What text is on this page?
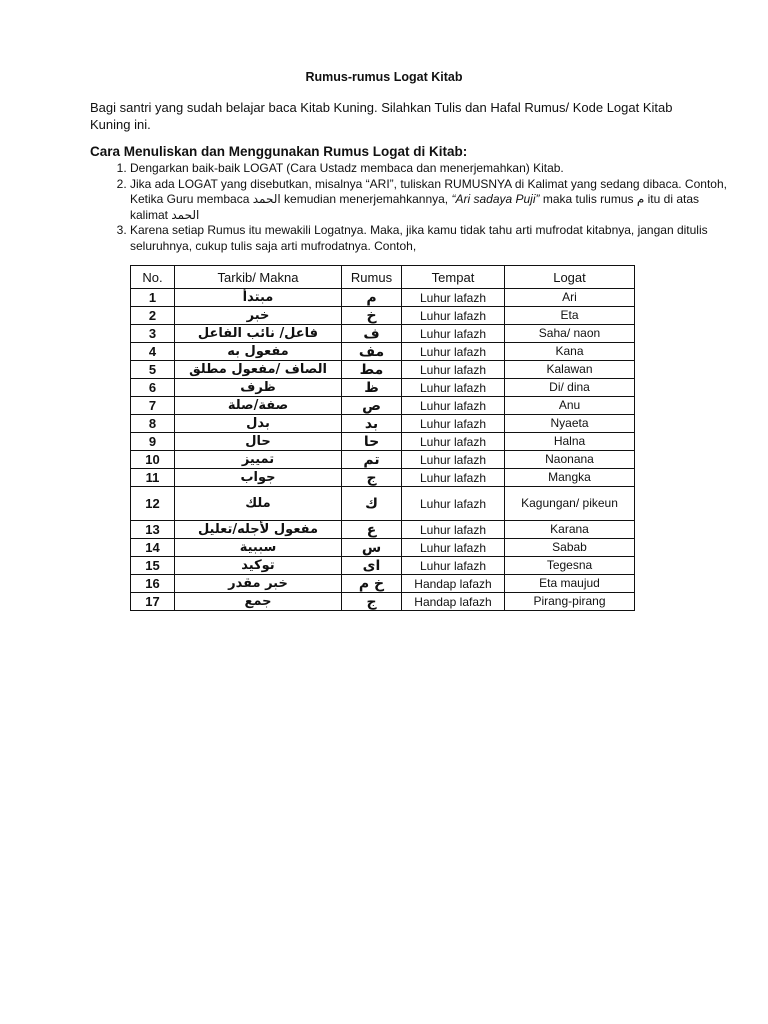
Rumus-rumus Logat Kitab
Bagi santri yang sudah belajar baca Kitab Kuning. Silahkan Tulis dan Hafal Rumus/ Kode Logat Kitab Kuning ini.
Cara Menuliskan dan Menggunakan Rumus Logat di Kitab:
1. Dengarkan baik-baik LOGAT (Cara Ustadz membaca dan menerjemahkan) Kitab.
2. Jika ada LOGAT yang disebutkan, misalnya “ARI”, tuliskan RUMUSNYA di Kalimat yang sedang dibaca. Contoh, Ketika Guru membaca الحمد kemudian menerjemahkannya, “Ari sadaya Puji” maka tulis rumus م itu di atas kalimat الحمد
3. Karena setiap Rumus itu mewakili Logatnya. Maka, jika kamu tidak tahu arti mufrodat kitabnya, jangan ditulis seluruhnya, cukup tulis saja arti mufrodatnya. Contoh,
No.	Tarkib/ Makna	Rumus	Tempat	Logat
1	مبتدأ	م	Luhur lafazh	Ari
2	خبر	خ	Luhur lafazh	Eta
3	فاعل/ نائب الفاعل	ف	Luhur lafazh	Saha/ naon
4	مفعول به	مف	Luhur lafazh	Kana
5	الصاف /مفعول مطلق	مط	Luhur lafazh	Kalawan
6	ظرف	ظ	Luhur lafazh	Di/ dina
7	صفة/صلة	ص	Luhur lafazh	Anu
8	بدل	بد	Luhur lafazh	Nyaeta
9	حال	حا	Luhur lafazh	Halna
10	تمييز	تم	Luhur lafazh	Naonana
11	جواب	ج	Luhur lafazh	Mangka
12	ملك	ك	Luhur lafazh	Kagungan/ pikeun
13	مفعول لأجله/تعليل	ع	Luhur lafazh	Karana
14	سببية	س	Luhur lafazh	Sabab
15	توكيد	اى	Luhur lafazh	Tegesna
16	خبر مقدر	خ م	Handap lafazh	Eta maujud
17	جمع	ج	Handap lafazh	Pirang-pirang
